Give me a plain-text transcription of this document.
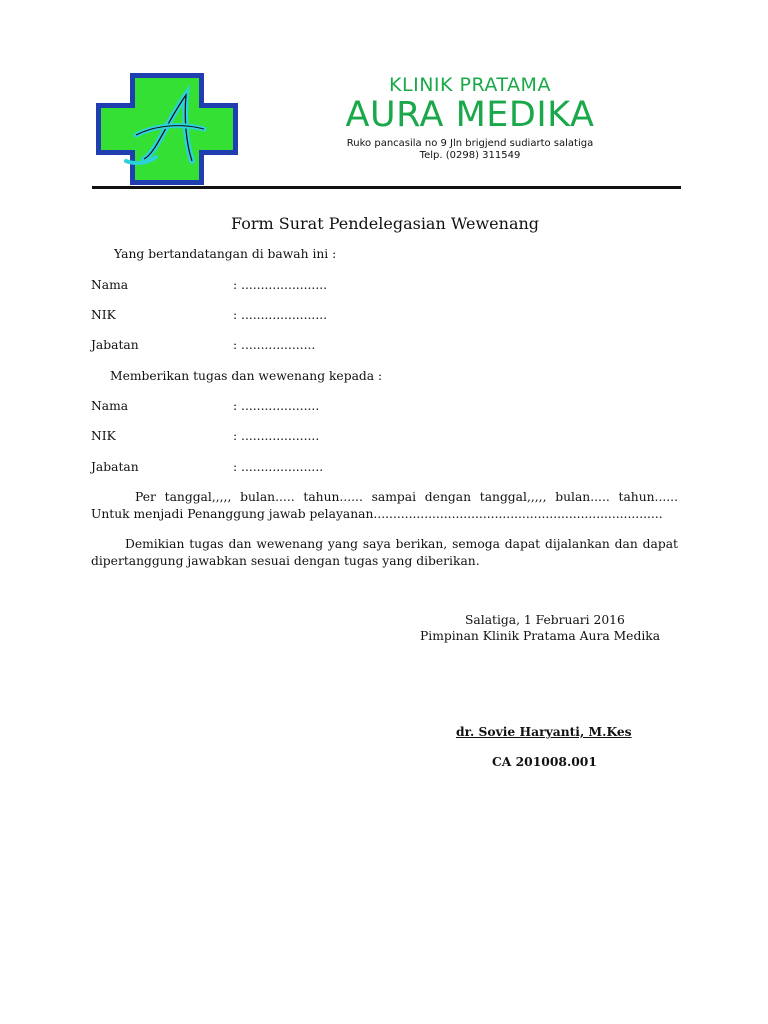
KLINIK PRATAMA
AURA MEDIKA
Ruko pancasila no 9 Jln brigjend sudiarto salatiga
Telp. (0298) 311549
Form Surat Pendelegasian Wewenang
Yang bertandatangan di bawah ini :
Nama	: ......................
NIK	: ......................
Jabatan	: ...................
Memberikan tugas dan wewenang kepada :
Nama	: ....................
NIK	: ....................
Jabatan	: .....................
Per tanggal,,,,, bulan..... tahun...... sampai dengan tanggal,,,,, bulan..... tahun...... Untuk menjadi Penanggung jawab pelayanan..........................................................................
Demikian tugas dan wewenang yang saya berikan, semoga dapat dijalankan dan dapat dipertanggung jawabkan sesuai dengan tugas yang diberikan.
Salatiga, 1 Februari 2016
Pimpinan Klinik Pratama Aura Medika
dr. Sovie Haryanti, M.Kes
CA 201008.001
